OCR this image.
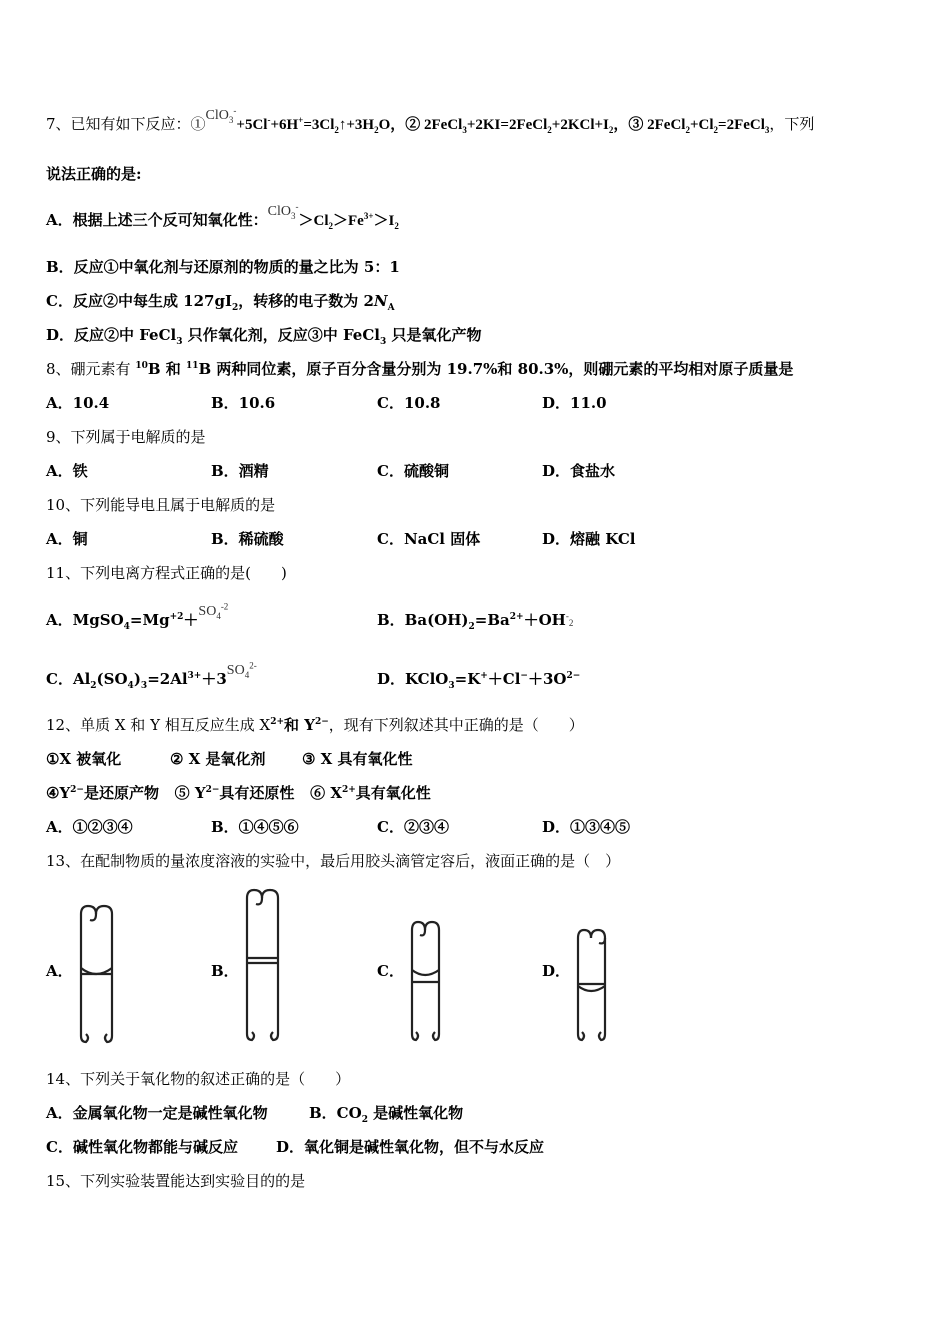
7、已知有如下反应：$①ClO_3^-+5Cl^-+6H^+=3Cl_2↑+3H_2O$，② $2FeCl_3+2KI=2FeCl_2+2KCl+I_2$，③ $2FeCl_2+Cl_2=2FeCl_3$，下列
说法正确的是:
A．根据上述三个反可知氧化性：$ClO_3^->Cl_2>Fe^{3+}>I_2$
B．反应①中氧化剂与还原剂的物质的量之比为 5：1
C．反应②中每生成 $127gI_2$，转移的电子数为 $2N_A$
D．反应②中 FeCl$_3$ 只作氧化剂，反应③中 FeCl$_3$ 只是氧化产物
8、硼元素有 $^{10}$B 和 $^{11}$B 两种同位素，原子百分含量分别为 19.7%和 80.3%，则硼元素的平均相对原子质量是
A．10.4	B．10.6	C．10.8	D．11.0
9、下列属于电解质的是
A．铁	B．酒精	C．硫酸铜	D．食盐水
10、下列能导电且属于电解质的是
A．铜	B．稀硫酸	C．NaCl 固体	D．熔融 KCl
11、下列电离方程式正确的是(　　)
A．$MgSO_4=Mg^{+2}+SO_4^{-2}$
B．$Ba(OH)_2=Ba^{2+}+OH^-_2$
C．$Al_2(SO_4)_3=2Al^{3+}+3SO_4^{2-}$
D．$KClO_3=K^++Cl^-+3O^{2-}$
12、单质 X 和 Y 相互反应生成 $X^{2+}$和 $Y^{2-}$，现有下列叙述其中正确的是（　　）
①X 被氧化	② X 是氧化剂 ③ X 具有氧化性
$④Y^{2-}$是还原产物 ⑤ $Y^{2-}$具有还原性 ⑥ $X^{2+}$具有氧化性
A．①②③④	B．①④⑤⑥	C．②③④	D．①③④⑤
13、在配制物质的量浓度溶液的实验中，最后用胶头滴管定容后，液面正确的是（　）
A．	B．	C．	D．
14、下列关于氧化物的叙述正确的是（　　）
A．金属氧化物一定是碱性氧化物	B．$CO_2$ 是碱性氧化物
C．碱性氧化物都能与碱反应	D．氧化铜是碱性氧化物，但不与水反应
15、下列实验装置能达到实验目的的是
